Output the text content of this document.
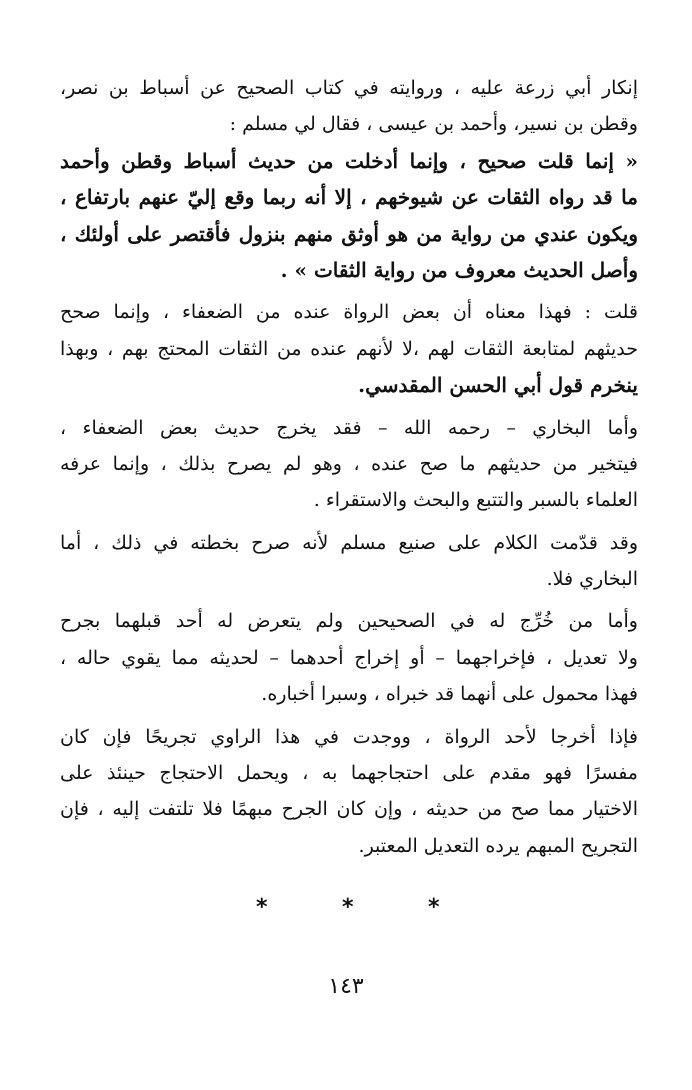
إنكار أبي زرعة عليه ، وروايته في كتاب الصحيح عن أسباط بن نصر،
وقطن بن نسير، وأحمد بن عيسى ، فقال لي مسلم :
« إنما قلت صحيح ، وإنما أدخلت من حديث أسباط وقطن وأحمد
ما قد رواه الثقات عن شيوخهم ، إلا أنه ربما وقع إليّ عنهم بارتفاع ،
ويكون عندي من رواية من هو أوثق منهم بنزول فأقتصر على أولئك ،
وأصل الحديث معروف من رواية الثقات » .
قلت : فهذا معناه أن بعض الرواة عنده من الضعفاء ، وإنما صحح
حديثهم لمتابعة الثقات لهم ،لا لأنهم عنده من الثقات المحتج بهم ، وبهذا
ينخرم قول أبي الحسن المقدسي.
وأما البخاري – رحمه الله – فقد يخرج حديث بعض الضعفاء ،
فيتخير من حديثهم ما صح عنده ، وهو لم يصرح بذلك ، وإنما عرفه
العلماء بالسبر والتتبع والبحث والاستقراء .
وقد قدّمت الكلام على صنيع مسلم لأنه صرح بخطته في ذلك ، أما
البخاري فلا.
وأما من خُرِّج له في الصحيحين ولم يتعرض له أحد قبلهما بجرح
ولا تعديل ، فإخراجهما – أو إخراج أحدهما – لحديثه مما يقوي حاله ،
فهذا محمول على أنهما قد خبراه ، وسبرا أخباره.
فإذا أخرجا لأحد الرواة ، ووجدت في هذا الراوي تجريحًا فإن كان
مفسرًا فهو مقدم على احتجاجهما به ، ويحمل الاحتجاج حينئذ على
الاختيار مما صح من حديثه ، وإن كان الجرح مبهمًا فلا تلتفت إليه ، فإن
التجريح المبهم يرده التعديل المعتبر.
*	*	*
١٤٣
